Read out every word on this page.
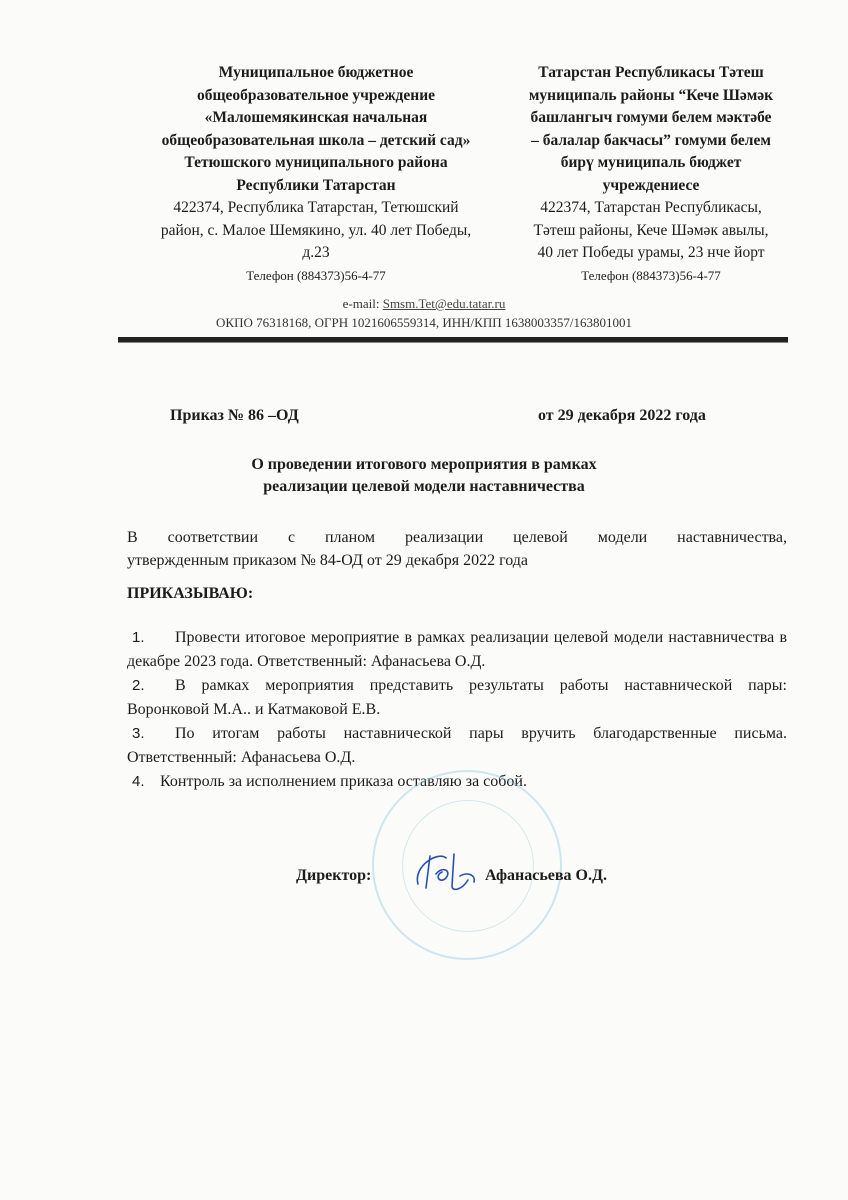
Муниципальное бюджетное
общеобразовательное учреждение
«Малошемякинская начальная
общеобразовательная школа – детский сад»
Тетюшского муниципального района
Республики Татарстан
422374, Республика Татарстан, Тетюшский
район, с. Малое Шемякино, ул. 40 лет Победы,
д.23
Телефон (884373)56-4-77
Татарстан Республикасы Тәтеш
муниципаль районы “Кече Шәмәк
башлангыч гомуми белем мәктәбе
– балалар бакчасы” гомуми белем
бирү муниципаль бюджет
учреждениесе
422374, Татарстан Республикасы,
Тәтеш районы, Кече Шәмәк авылы,
40 лет Победы урамы, 23 нче йорт
Телефон (884373)56-4-77
e-mail: Smsm.Tet@edu.tatar.ru
ОКПО 76318168, ОГРН 1021606559314, ИНН/КПП 1638003357/163801001
Приказ № 86 –ОД	от 29 декабря 2022 года
О проведении итогового мероприятия в рамках
реализации целевой модели наставничества
В соответствии с планом реализации целевой модели наставничества,
утвержденным приказом № 84-ОД от 29 декабря 2022 года
ПРИКАЗЫВАЮ:
1. Провести итоговое мероприятие в рамках реализации целевой модели наставничества в декабре 2023 года. Ответственный: Афанасьева О.Д.
2. В рамках мероприятия представить результаты работы наставнической пары: Воронковой М.А.. и Катмаковой Е.В.
3. По итогам работы наставнической пары вручить благодарственные письма. Ответственный: Афанасьева О.Д.
4. Контроль за исполнением приказа оставляю за собой.
Директор:	Афанасьева О.Д.
